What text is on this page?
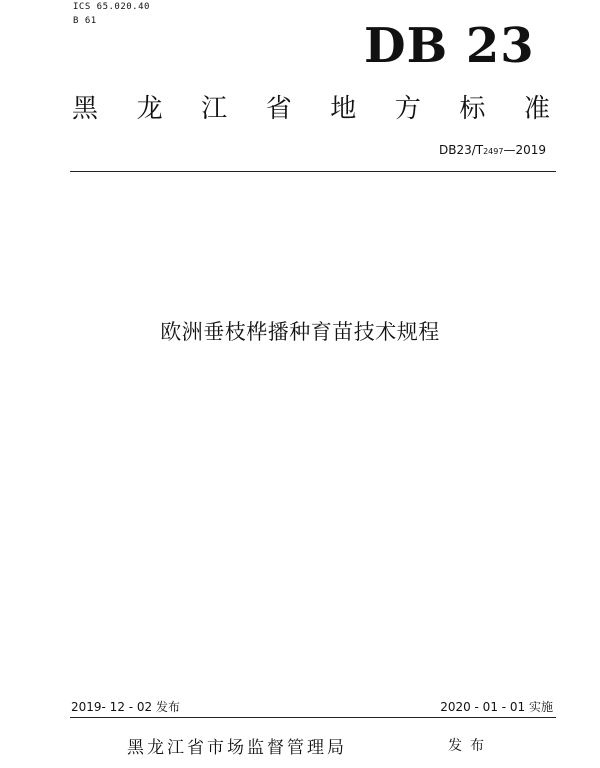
ICS 65.020.40
B 61	DB 23
黑 龙 江 省 地 方 标 准
DB23/T2497—2019
欧洲垂枝桦播种育苗技术规程
2019- 12 - 02 发布	2020 - 01 - 01 实施
黑龙江省市场监督管理局	发布
